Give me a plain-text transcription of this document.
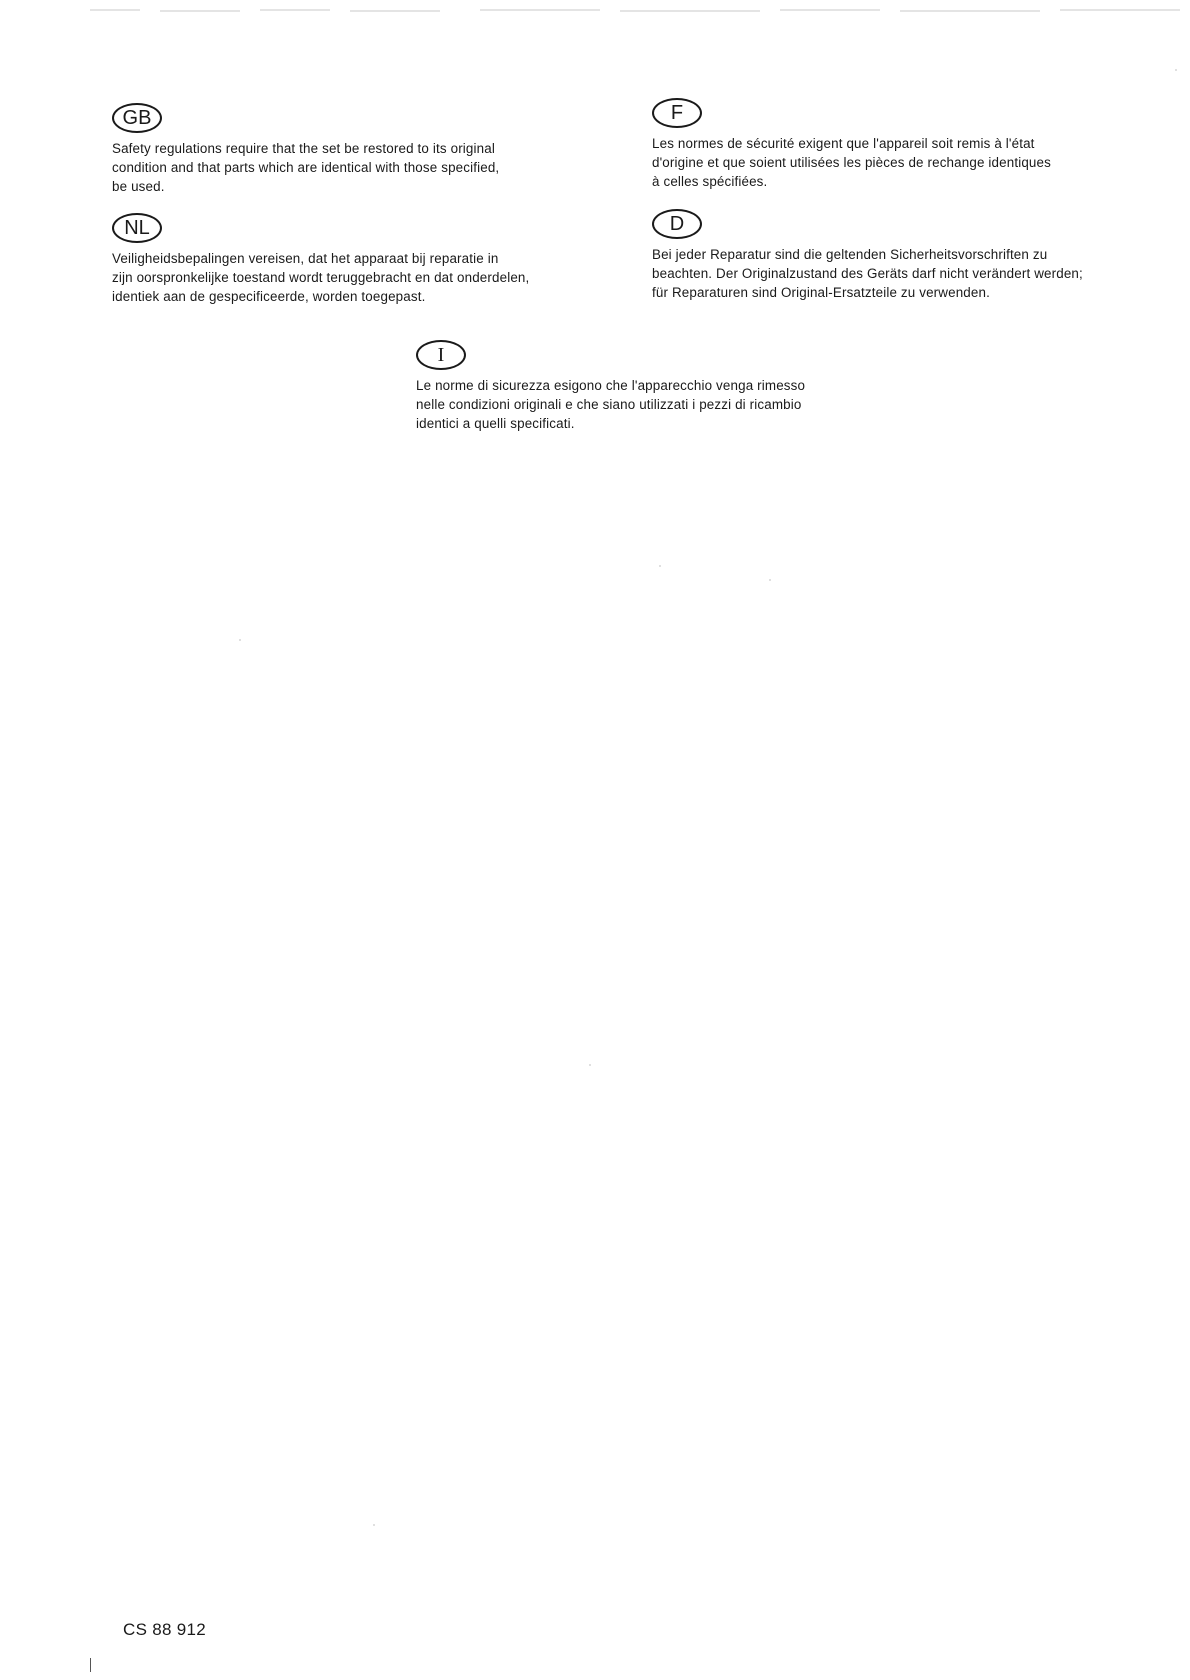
GB
Safety regulations require that the set be restored to its original
condition and that parts which are identical with those specified,
be used.
F
Les normes de sécurité exigent que l'appareil soit remis à l'état
d'origine et que soient utilisées les pièces de rechange identiques
à celles spécifiées.
NL
Veiligheidsbepalingen vereisen, dat het apparaat bij reparatie in
zijn oorspronkelijke toestand wordt teruggebracht en dat onderdelen,
identiek aan de gespecificeerde, worden toegepast.
D
Bei jeder Reparatur sind die geltenden Sicherheitsvorschriften zu
beachten. Der Originalzustand des Geräts darf nicht verändert werden;
für Reparaturen sind Original-Ersatzteile zu verwenden.
I
Le norme di sicurezza esigono che l'apparecchio venga rimesso
nelle condizioni originali e che siano utilizzati i pezzi di ricambio
identici a quelli specificati.
CS 88 912
